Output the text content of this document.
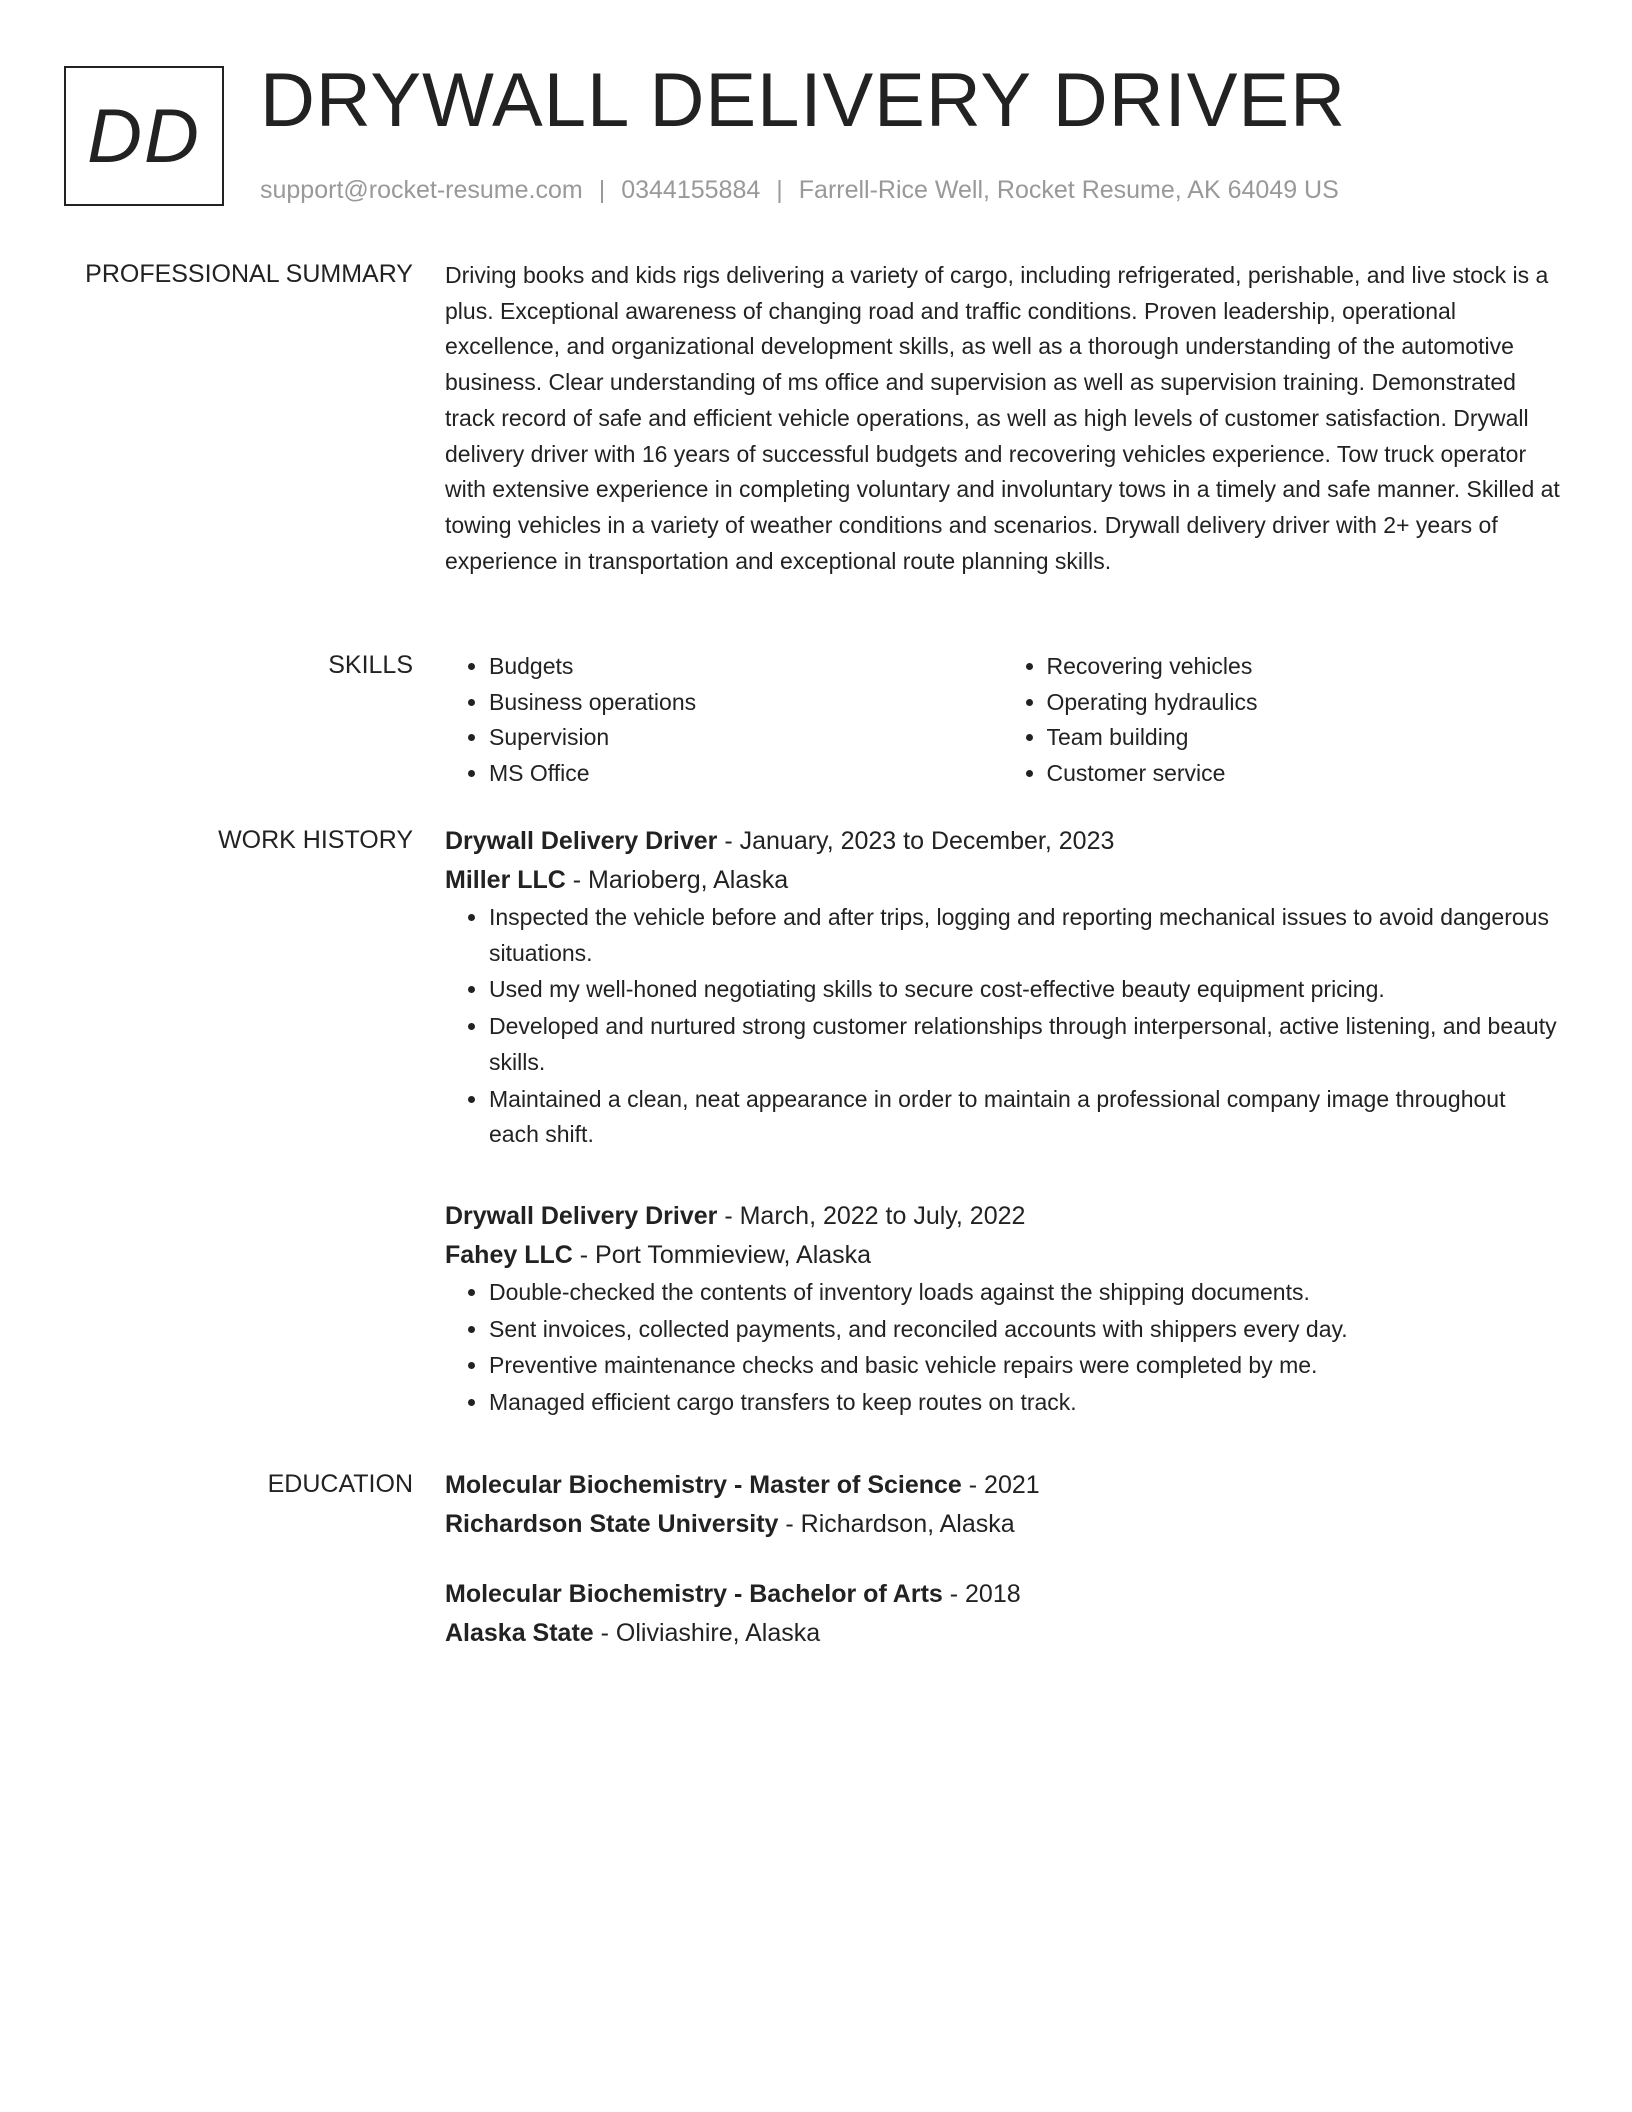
DD DRYWALL DELIVERY DRIVER
support@rocket-resume.com | 0344155884 | Farrell-Rice Well, Rocket Resume, AK 64049 US
PROFESSIONAL SUMMARY Driving books and kids rigs delivering a variety of cargo, including refrigerated, perishable, and live stock is a plus. Exceptional awareness of changing road and traffic conditions. Proven leadership, operational excellence, and organizational development skills, as well as a thorough understanding of the automotive business. Clear understanding of ms office and supervision as well as supervision training. Demonstrated track record of safe and efficient vehicle operations, as well as high levels of customer satisfaction. Drywall delivery driver with 16 years of successful budgets and recovering vehicles experience. Tow truck operator with extensive experience in completing voluntary and involuntary tows in a timely and safe manner. Skilled at towing vehicles in a variety of weather conditions and scenarios. Drywall delivery driver with 2+ years of experience in transportation and exceptional route planning skills.

SKILLS
•	Budgets
• Business operations
• Supervision
• MS Office
• Recovering vehicles
• Operating hydraulics
• Team building
• Customer service
WORK HISTORY Drywall Delivery Driver - January, 2023 to December, 2023
Miller LLC - Marioberg, Alaska
• Inspected the vehicle before and after trips, logging and reporting mechanical issues to avoid dangerous situations.
• Used my well-honed negotiating skills to secure cost-effective beauty equipment pricing.
• Developed and nurtured strong customer relationships through interpersonal, active listening, and beauty skills.
• Maintained a clean, neat appearance in order to maintain a professional company image throughout each shift.
Drywall Delivery Driver - March, 2022 to July, 2022
Fahey LLC - Port Tommieview, Alaska
• Double-checked the contents of inventory loads against the shipping documents.
• Sent invoices, collected payments, and reconciled accounts with shippers every day.
• Preventive maintenance checks and basic vehicle repairs were completed by me.
• Managed efficient cargo transfers to keep routes on track.
EDUCATION Molecular Biochemistry - Master of Science - 2021
Richardson State University - Richardson, Alaska
Molecular Biochemistry - Bachelor of Arts - 2018
Alaska State - Oliviashire, Alaska
